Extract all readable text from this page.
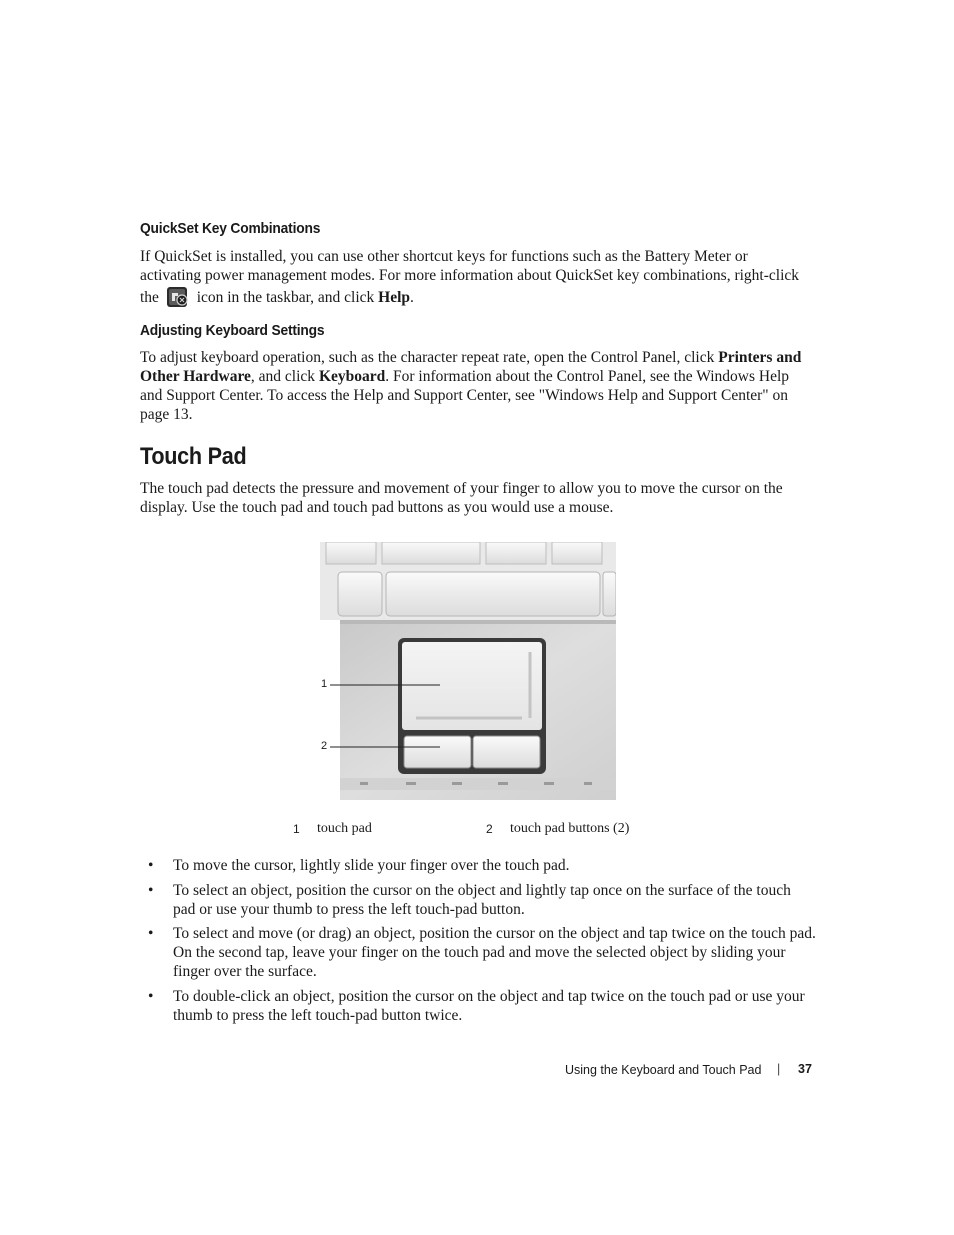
QuickSet Key Combinations
If QuickSet is installed, you can use other shortcut keys for functions such as the Battery Meter or activating power management modes. For more information about QuickSet key combinations, right-click the icon in the taskbar, and click Help.
Adjusting Keyboard Settings
To adjust keyboard operation, such as the character repeat rate, open the Control Panel, click Printers and Other Hardware, and click Keyboard. For information about the Control Panel, see the Windows Help and Support Center. To access the Help and Support Center, see "Windows Help and Support Center" on page 13.
Touch Pad
The touch pad detects the pressure and movement of your finger to allow you to move the cursor on the display. Use the touch pad and touch pad buttons as you would use a mouse.
1
2
1 touch pad	2 touch pad buttons (2)
• To move the cursor, lightly slide your finger over the touch pad.
• To select an object, position the cursor on the object and lightly tap once on the surface of the touch pad or use your thumb to press the left touch-pad button.
• To select and move (or drag) an object, position the cursor on the object and tap twice on the touch pad. On the second tap, leave your finger on the touch pad and move the selected object by sliding your finger over the surface.
• To double-click an object, position the cursor on the object and tap twice on the touch pad or use your thumb to press the left touch-pad button twice.
Using the Keyboard and Touch Pad | 37
